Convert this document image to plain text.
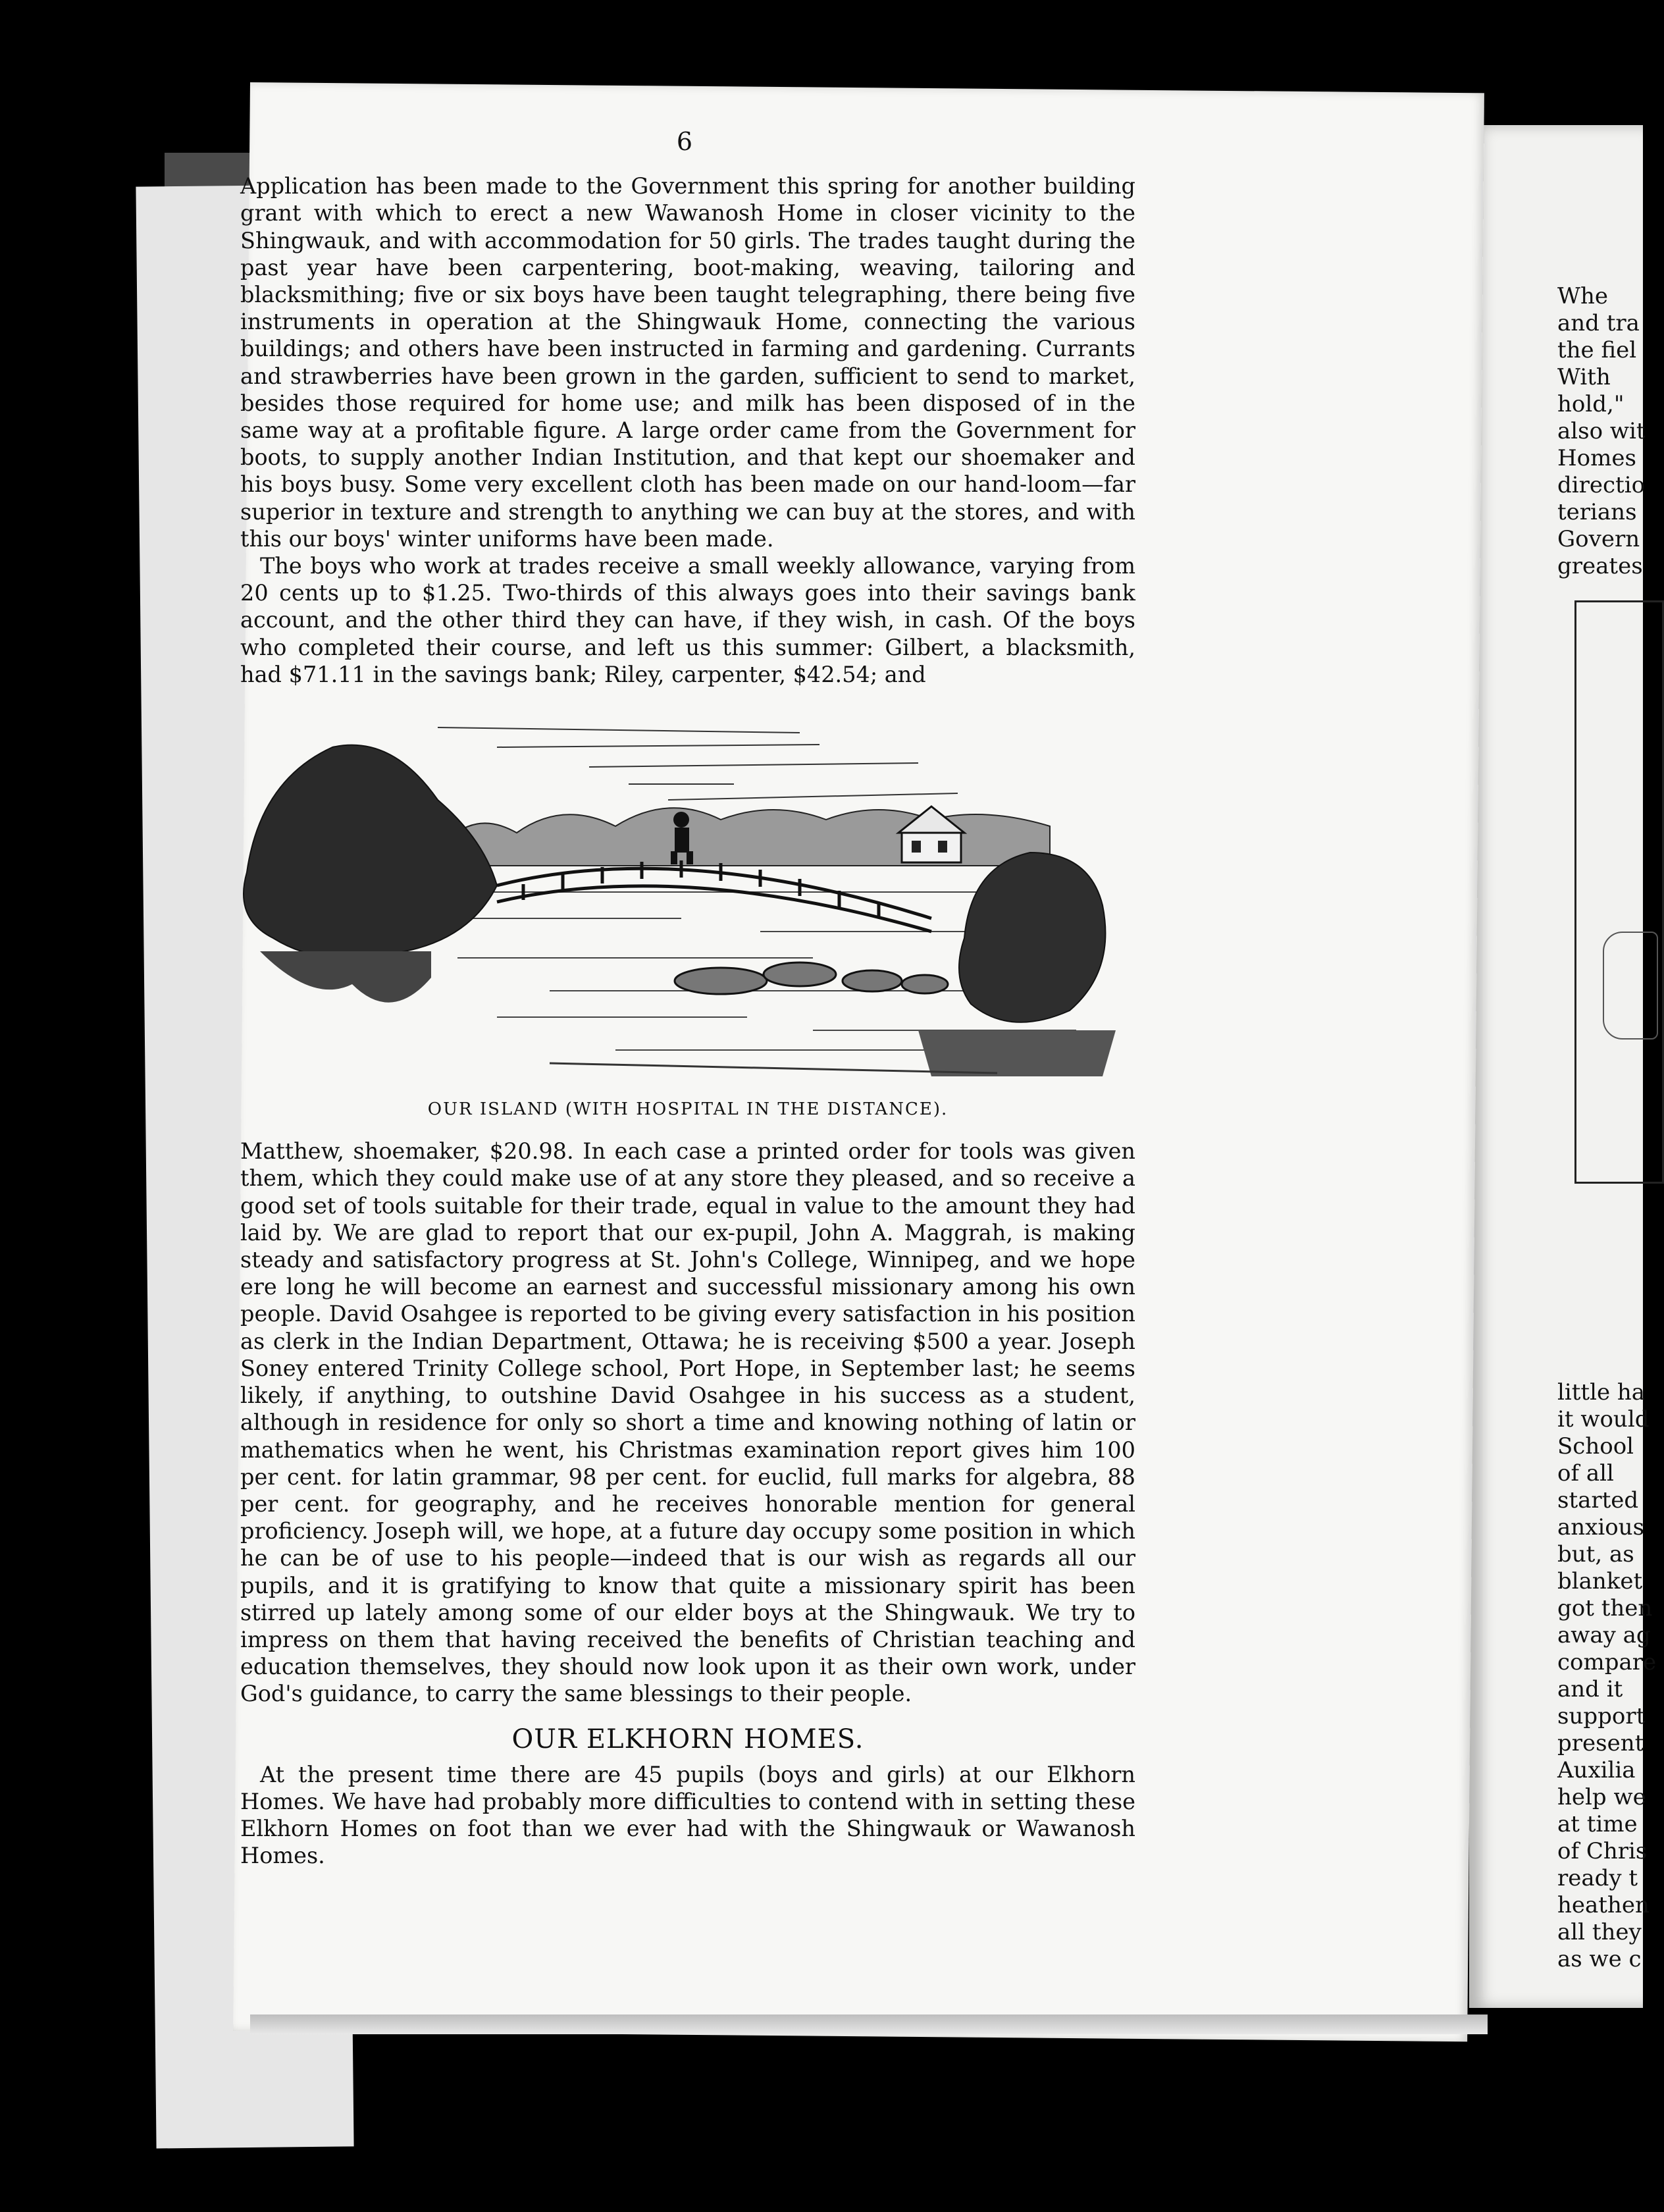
Whe
and tra
the fiel
With
hold,"
also wit
Homes
directio
terians
Govern
greates
little ha
it would
School
of all
started
anxious
but, as
blanket
got then
away ag
compare
and it
support
present
Auxilia
help we
at time
of Chris
ready t
heathen
all they
as we c
6

Application has been made to the Government this spring for another building grant with which to erect a new Wawanosh Home in closer vicinity to the Shingwauk, and with accommodation for 50 girls. The trades taught during the past year have been carpentering, boot-making, weaving, tailoring and blacksmithing; five or six boys have been taught telegraphing, there being five instruments in operation at the Shingwauk Home, connecting the various buildings; and others have been instructed in farming and gardening. Currants and strawberries have been grown in the garden, sufficient to send to market, besides those required for home use; and milk has been disposed of in the same way at a profitable figure. A large order came from the Government for boots, to supply another Indian Institution, and that kept our shoemaker and his boys busy. Some very excellent cloth has been made on our hand-loom—far superior in texture and strength to anything we can buy at the stores, and with this our boys' winter uniforms have been made.

The boys who work at trades receive a small weekly allowance, varying from 20 cents up to $1.25. Two-thirds of this always goes into their savings bank account, and the other third they can have, if they wish, in cash. Of the boys who completed their course, and left us this summer: Gilbert, a blacksmith, had $71.11 in the savings bank; Riley, carpenter, $42.54; and

OUR ISLAND (WITH HOSPITAL IN THE DISTANCE).

Matthew, shoemaker, $20.98. In each case a printed order for tools was given them, which they could make use of at any store they pleased, and so receive a good set of tools suitable for their trade, equal in value to the amount they had laid by. We are glad to report that our ex-pupil, John A. Maggrah, is making steady and satisfactory progress at St. John's College, Winnipeg, and we hope ere long he will become an earnest and successful missionary among his own people. David Osahgee is reported to be giving every satisfaction in his position as clerk in the Indian Department, Ottawa; he is receiving $500 a year. Joseph Soney entered Trinity College school, Port Hope, in September last; he seems likely, if anything, to outshine David Osahgee in his success as a student, although in residence for only so short a time and knowing nothing of latin or mathematics when he went, his Christmas examination report gives him 100 per cent. for latin grammar, 98 per cent. for euclid, full marks for algebra, 88 per cent. for geography, and he receives honorable mention for general proficiency. Joseph will, we hope, at a future day occupy some position in which he can be of use to his people—indeed that is our wish as regards all our pupils, and it is gratifying to know that quite a missionary spirit has been stirred up lately among some of our elder boys at the Shingwauk. We try to impress on them that having received the benefits of Christian teaching and education themselves, they should now look upon it as their own work, under God's guidance, to carry the same blessings to their people.

OUR ELKHORN HOMES.

At the present time there are 45 pupils (boys and girls) at our Elkhorn Homes. We have had probably more difficulties to contend with in setting these Elkhorn Homes on foot than we ever had with the Shingwauk or Wawanosh Homes.
